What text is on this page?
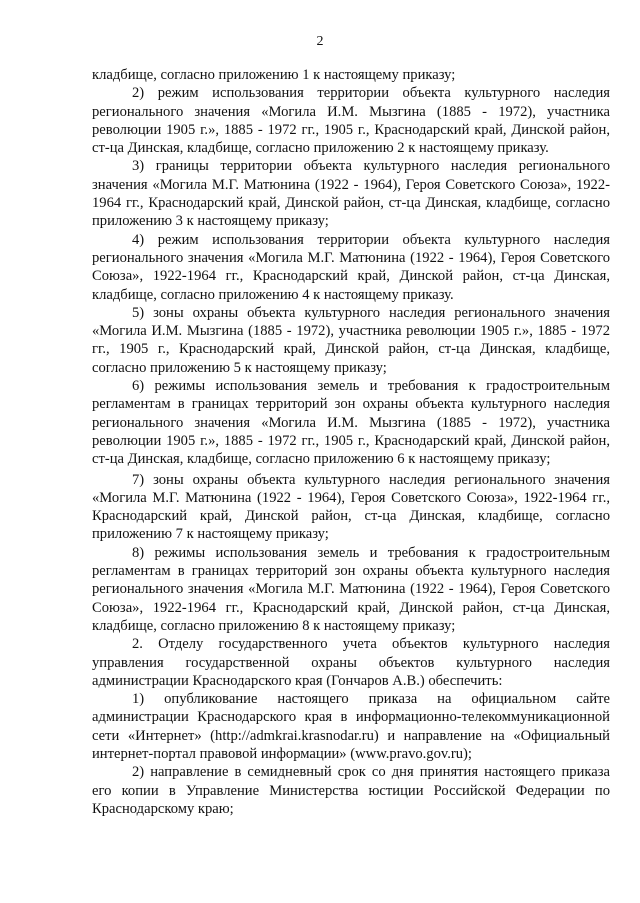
2

кладбище, согласно приложению 1 к настоящему приказу;

2) режим использования территории объекта культурного наследия регионального значения «Могила И.М. Мызгина (1885 - 1972), участника революции 1905 г.», 1885 - 1972 гг., 1905 г., Краснодарский край, Динской район, ст-ца Динская, кладбище, согласно приложению 2 к настоящему приказу.

3) границы территории объекта культурного наследия регионального значения «Могила М.Г. Матюнина (1922 - 1964), Героя Советского Союза», 1922-1964 гг., Краснодарский край, Динской район, ст-ца Динская, кладбище, согласно приложению 3 к настоящему приказу;

4) режим использования территории объекта культурного наследия регионального значения «Могила М.Г. Матюнина (1922 - 1964), Героя Советского Союза», 1922-1964 гг., Краснодарский край, Динской район, ст-ца Динская, кладбище, согласно приложению 4 к настоящему приказу.

5) зоны охраны объекта культурного наследия регионального значения «Могила И.М. Мызгина (1885 - 1972), участника революции 1905 г.», 1885 - 1972 гг., 1905 г., Краснодарский край, Динской район, ст-ца Динская, кладбище, согласно приложению 5 к настоящему приказу;

6) режимы использования земель и требования к градостроительным регламентам в границах территорий зон охраны объекта культурного наследия регионального значения «Могила И.М. Мызгина (1885 - 1972), участника революции 1905 г.», 1885 - 1972 гг., 1905 г., Краснодарский край, Динской район, ст-ца Динская, кладбище, согласно приложению 6 к настоящему приказу;

7) зоны охраны объекта культурного наследия регионального значения «Могила М.Г. Матюнина (1922 - 1964), Героя Советского Союза», 1922-1964 гг., Краснодарский край, Динской район, ст-ца Динская, кладбище, согласно приложению 7 к настоящему приказу;

8) режимы использования земель и требования к градостроительным регламентам в границах территорий зон охраны объекта культурного наследия регионального значения «Могила М.Г. Матюнина (1922 - 1964), Героя Советского Союза», 1922-1964 гг., Краснодарский край, Динской район, ст-ца Динская, кладбище, согласно приложению 8 к настоящему приказу;

2. Отделу государственного учета объектов культурного наследия управления государственной охраны объектов культурного наследия администрации Краснодарского края (Гончаров А.В.) обеспечить:

1) опубликование настоящего приказа на официальном сайте администрации Краснодарского края в информационно-телекоммуникационной сети «Интернет» (http://admkrai.krasnodar.ru) и направление на «Официальный интернет-портал правовой информации» (www.pravo.gov.ru);

2) направление в семидневный срок со дня принятия настоящего приказа его копии в Управление Министерства юстиции Российской Федерации по Краснодарскому краю;
